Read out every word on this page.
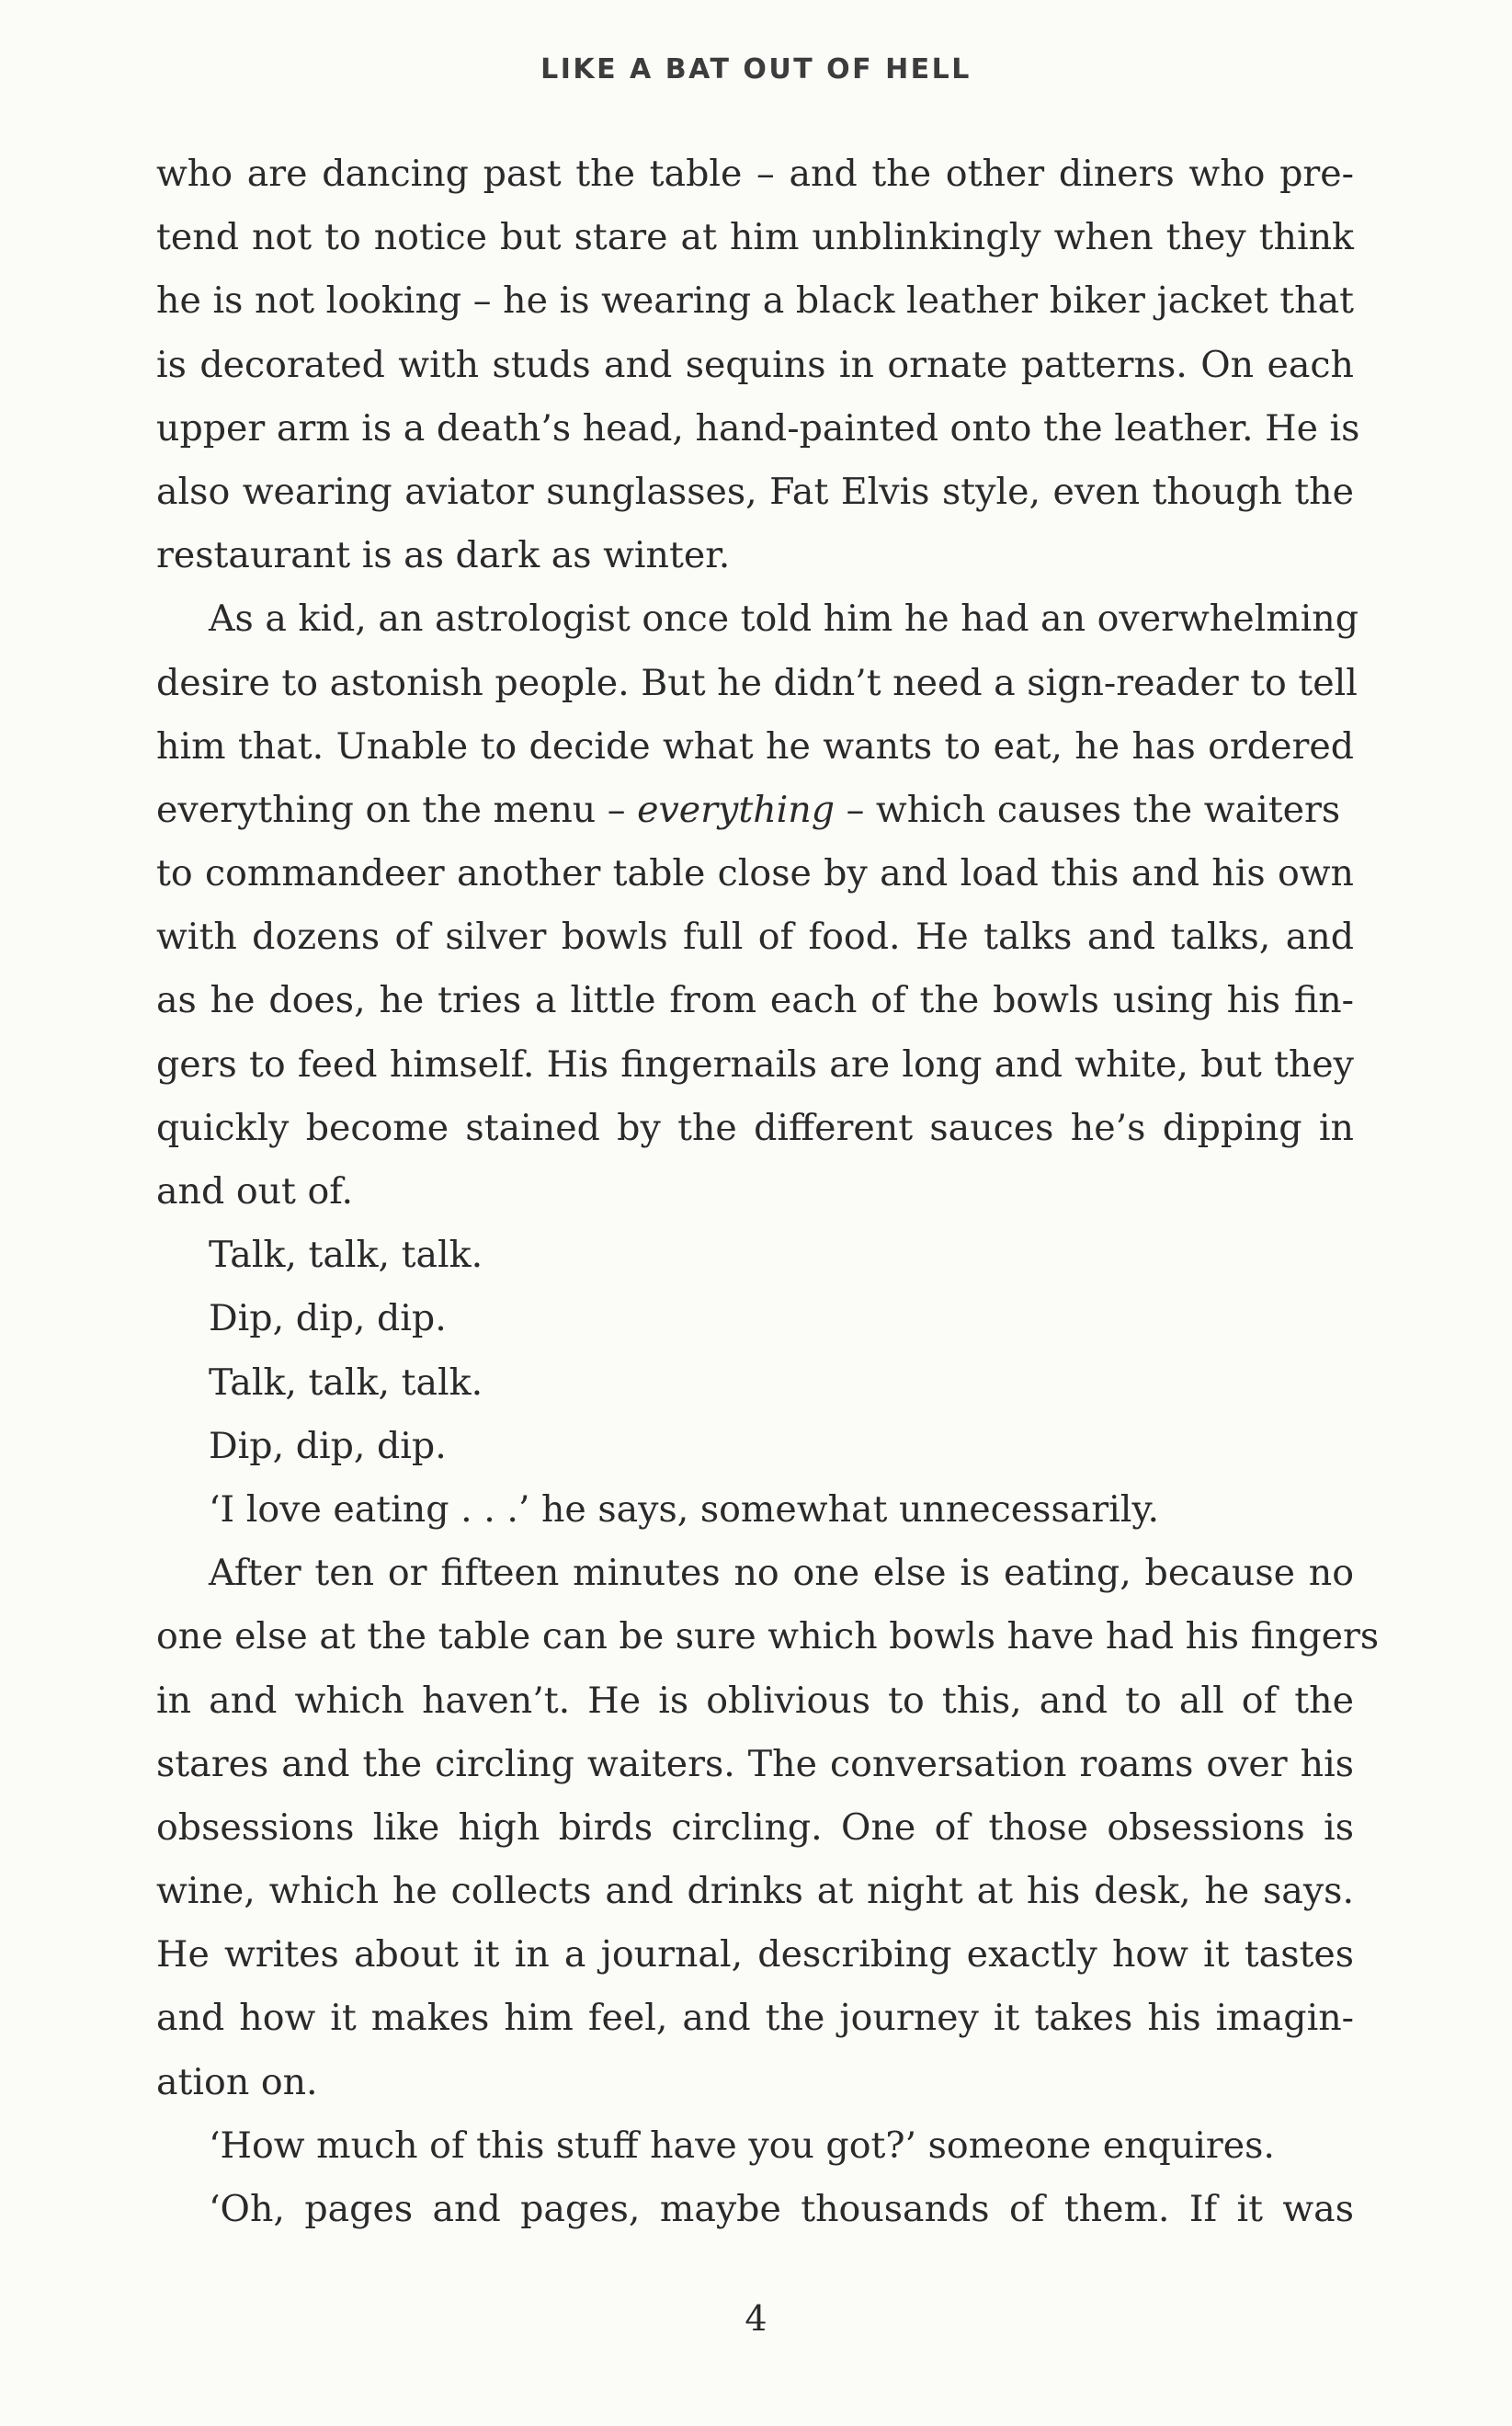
LIKE A BAT OUT OF HELL
who are dancing past the table – and the other diners who pre-
tend not to notice but stare at him unblinkingly when they think
he is not looking – he is wearing a black leather biker jacket that
is decorated with studs and sequins in ornate patterns. On each
upper arm is a death’s head, hand-painted onto the leather. He is
also wearing aviator sunglasses, Fat Elvis style, even though the
restaurant is as dark as winter.
As a kid, an astrologist once told him he had an overwhelming
desire to astonish people. But he didn’t need a sign-reader to tell
him that. Unable to decide what he wants to eat, he has ordered
everything on the menu – everything – which causes the waiters
to commandeer another table close by and load this and his own
with dozens of silver bowls full of food. He talks and talks, and
as he does, he tries a little from each of the bowls using his fin-
gers to feed himself. His fingernails are long and white, but they
quickly become stained by the different sauces he’s dipping in
and out of.
Talk, talk, talk.
Dip, dip, dip.
Talk, talk, talk.
Dip, dip, dip.
‘I love eating . . .’ he says, somewhat unnecessarily.
After ten or fifteen minutes no one else is eating, because no
one else at the table can be sure which bowls have had his fingers
in and which haven’t. He is oblivious to this, and to all of the
stares and the circling waiters. The conversation roams over his
obsessions like high birds circling. One of those obsessions is
wine, which he collects and drinks at night at his desk, he says.
He writes about it in a journal, describing exactly how it tastes
and how it makes him feel, and the journey it takes his imagin-
ation on.
‘How much of this stuff have you got?’ someone enquires.
‘Oh, pages and pages, maybe thousands of them. If it was
4
